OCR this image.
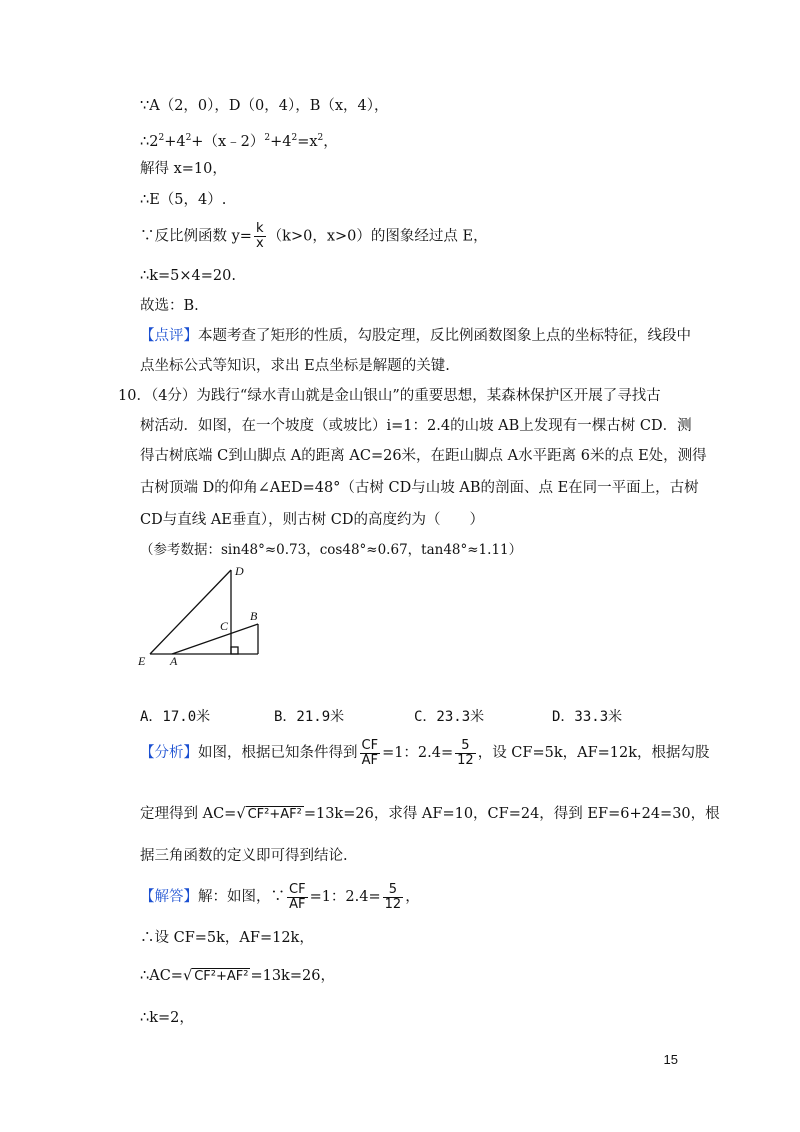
∵A（2，0），D（0，4），B（x，4），
$\therefore 2^2+4^2+(x﹣2)^2+4^2=x^2$，
解得 x=10，
∴E（5，4）.
∵反比例函数 $y= \frac{k}{x} (k>0$，x>0）的图象经过点 E，
∴k=5×4=20.
故选：B.
【点评】本题考查了矩形的性质，勾股定理，反比例函数图象上点的坐标特征，线段中
点坐标公式等知识，求出 E点坐标是解题的关键.
10．（4分）为践行“绿水青山就是金山银山”的重要思想，某森林保护区开展了寻找古
树活动．如图，在一个坡度（或坡比）i=1：2.4的山坡 AB上发现有一棵古树 CD．测
得古树底端 C到山脚点 A的距离 AC=26米，在距山脚点 A水平距离 6米的点 E处，测得
古树顶端 D的仰角∠AED=48°（古树 CD与山坡 AB的剖面、点 E在同一平面上，古树
CD与直线 AE垂直），则古树 CD的高度约为（　　）
（参考数据：sin48°≈0.73，cos48°≈0.67，tan48°≈1.11）
D
B
C
E A
A．17.0米	B．21.9米	C．23.3米	D．33.3米
【分析】如图，根据已知条件得到 $\frac{CF}{AF} =1$：$2.4= \frac{5}{12}$ ，设 CF=5k，AF=12k，根据勾股
定理得到 AC=√ CF²+AF² =13k=26，求得 AF=10，CF=24，得到 EF=6+24=30，根
据三角函数的定义即可得到结论.
【解答】解：如图，∵ $\frac{CF}{AF} =1$：$2.4= \frac{5}{12}$ ，
∴设 CF=5k，AF=12k，
∴AC=√ CF²+AF² =13k=26，
∴k=2，
15
